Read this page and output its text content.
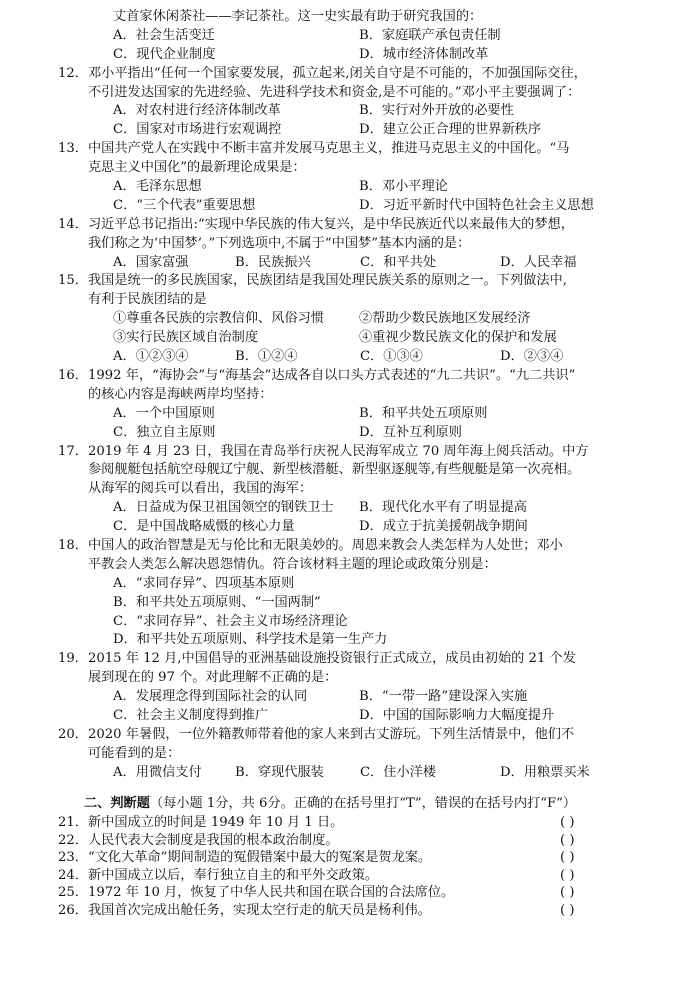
丈首家休闲茶社——李记茶社。这一史实最有助于研究我国的：
A．社会生活变迁	B．家庭联产承包责任制
C．现代企业制度	D．城市经济体制改革
12． 邓小平指出“任何一个国家要发展，孤立起来,闭关自守是不可能的，不加强国际交往，
不引进发达国家的先进经验、先进科学技术和资金,是不可能的。”邓小平主要强调了：
A．对农村进行经济体制改革	B．实行对外开放的必要性
C．国家对市场进行宏观调控	D．建立公正合理的世界新秩序
13． 中国共产党人在实践中不断丰富并发展马克思主义，推进马克思主义的中国化。“马
克思主义中国化”的最新理论成果是：
A．毛泽东思想	B．邓小平理论
C．“三个代表”重要思想	D．习近平新时代中国特色社会主义思想
14． 习近平总书记指出:“实现中华民族的伟大复兴，是中华民族近代以来最伟大的梦想，
我们称之为‘中国梦’。”下列选项中,不属于“中国梦”基本内涵的是：
A．国家富强	B．民族振兴	C．和平共处	D．人民幸福
15． 我国是统一的多民族国家，民族团结是我国处理民族关系的原则之一。下列做法中,
有利于民族团结的是
①尊重各民族的宗教信仰、风俗习惯	②帮助少数民族地区发展经济
③实行民族区域自治制度	④重视少数民族文化的保护和发展
A．①②③④	B．①②④	C．①③④	D．②③④
16． 1992 年，“海协会”与“海基会”达成各自以口头方式表述的“九二共识”。“九二共识”
的核心内容是海峡两岸均坚持：
A．一个中国原则	B．和平共处五项原则
C．独立自主原则	D．互补互利原则
17． 2019 年 4 月 23 日，我国在青岛举行庆祝人民海军成立 70 周年海上阅兵活动。中方
参阅舰艇包括航空母舰辽宁舰、新型核潜艇、新型驱逐舰等,有些舰艇是第一次亮相。
从海军的阅兵可以看出，我国的海军：
A．日益成为保卫祖国领空的钢铁卫士	B．现代化水平有了明显提高
C．是中国战略威慑的核心力量	D．成立于抗美援朝战争期间
18． 中国人的政治智慧是无与伦比和无限美妙的。周恩来教会人类怎样为人处世；邓小
平教会人类怎么解决恩怨情仇。符合该材料主题的理论或政策分别是：
A．“求同存异”、四项基本原则
B．和平共处五项原则、“一国两制”
C．“求同存异”、社会主义市场经济理论
D．和平共处五项原则、科学技术是第一生产力
19． 2015 年 12 月,中国倡导的亚洲基础设施投资银行正式成立，成员由初始的 21 个发
展到现在的 97 个。对此理解不正确的是：
A．发展理念得到国际社会的认同	B．“一带一路”建设深入实施
C．社会主义制度得到推广	D．中国的国际影响力大幅度提升
20． 2020 年暑假，一位外籍教师带着他的家人来到古丈游玩。下列生活情景中，他们不
可能看到的是：
A．用微信支付	B．穿现代服装	C．住小洋楼	D．用粮票买米
二、判断题（每小题 1分，共 6分。正确的在括号里打“T”，错误的在括号内打“F”）
21． 新中国成立的时间是 1949 年 10 月 1 日。	( )
22． 人民代表大会制度是我国的根本政治制度。	( )
23． “文化大革命”期间制造的冤假错案中最大的冤案是贺龙案。	( )
24． 新中国成立以后，奉行独立自主的和平外交政策。	( )
25． 1972 年 10 月，恢复了中华人民共和国在联合国的合法席位。	( )
26． 我国首次完成出舱任务，实现太空行走的航天员是杨利伟。	( )
